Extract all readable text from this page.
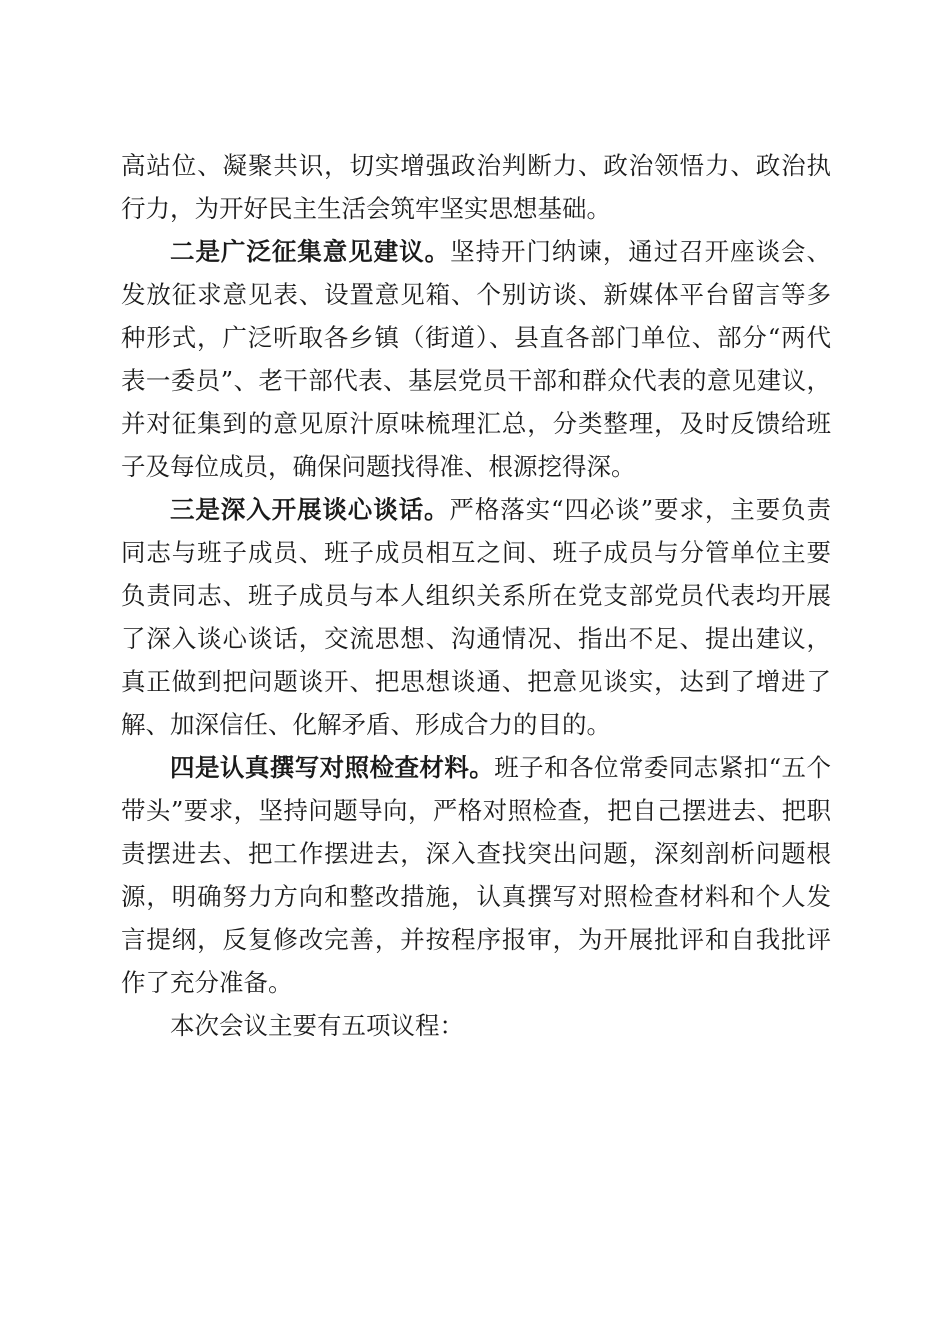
高站位、凝聚共识，切实增强政治判断力、政治领悟力、政治执行力，为开好民主生活会筑牢坚实思想基础。

二是广泛征集意见建议。坚持开门纳谏，通过召开座谈会、发放征求意见表、设置意见箱、个别访谈、新媒体平台留言等多种形式，广泛听取各乡镇（街道）、县直各部门单位、部分“两代表一委员”、老干部代表、基层党员干部和群众代表的意见建议，并对征集到的意见原汁原味梳理汇总，分类整理，及时反馈给班子及每位成员，确保问题找得准、根源挖得深。

三是深入开展谈心谈话。严格落实“四必谈”要求，主要负责同志与班子成员、班子成员相互之间、班子成员与分管单位主要负责同志、班子成员与本人组织关系所在党支部党员代表均开展了深入谈心谈话，交流思想、沟通情况、指出不足、提出建议，真正做到把问题谈开、把思想谈通、把意见谈实，达到了增进了解、加深信任、化解矛盾、形成合力的目的。

四是认真撰写对照检查材料。班子和各位常委同志紧扣“五个带头”要求，坚持问题导向，严格对照检查，把自己摆进去、把职责摆进去、把工作摆进去，深入查找突出问题，深刻剖析问题根源，明确努力方向和整改措施，认真撰写对照检查材料和个人发言提纲，反复修改完善，并按程序报审，为开展批评和自我批评作了充分准备。

本次会议主要有五项议程：
